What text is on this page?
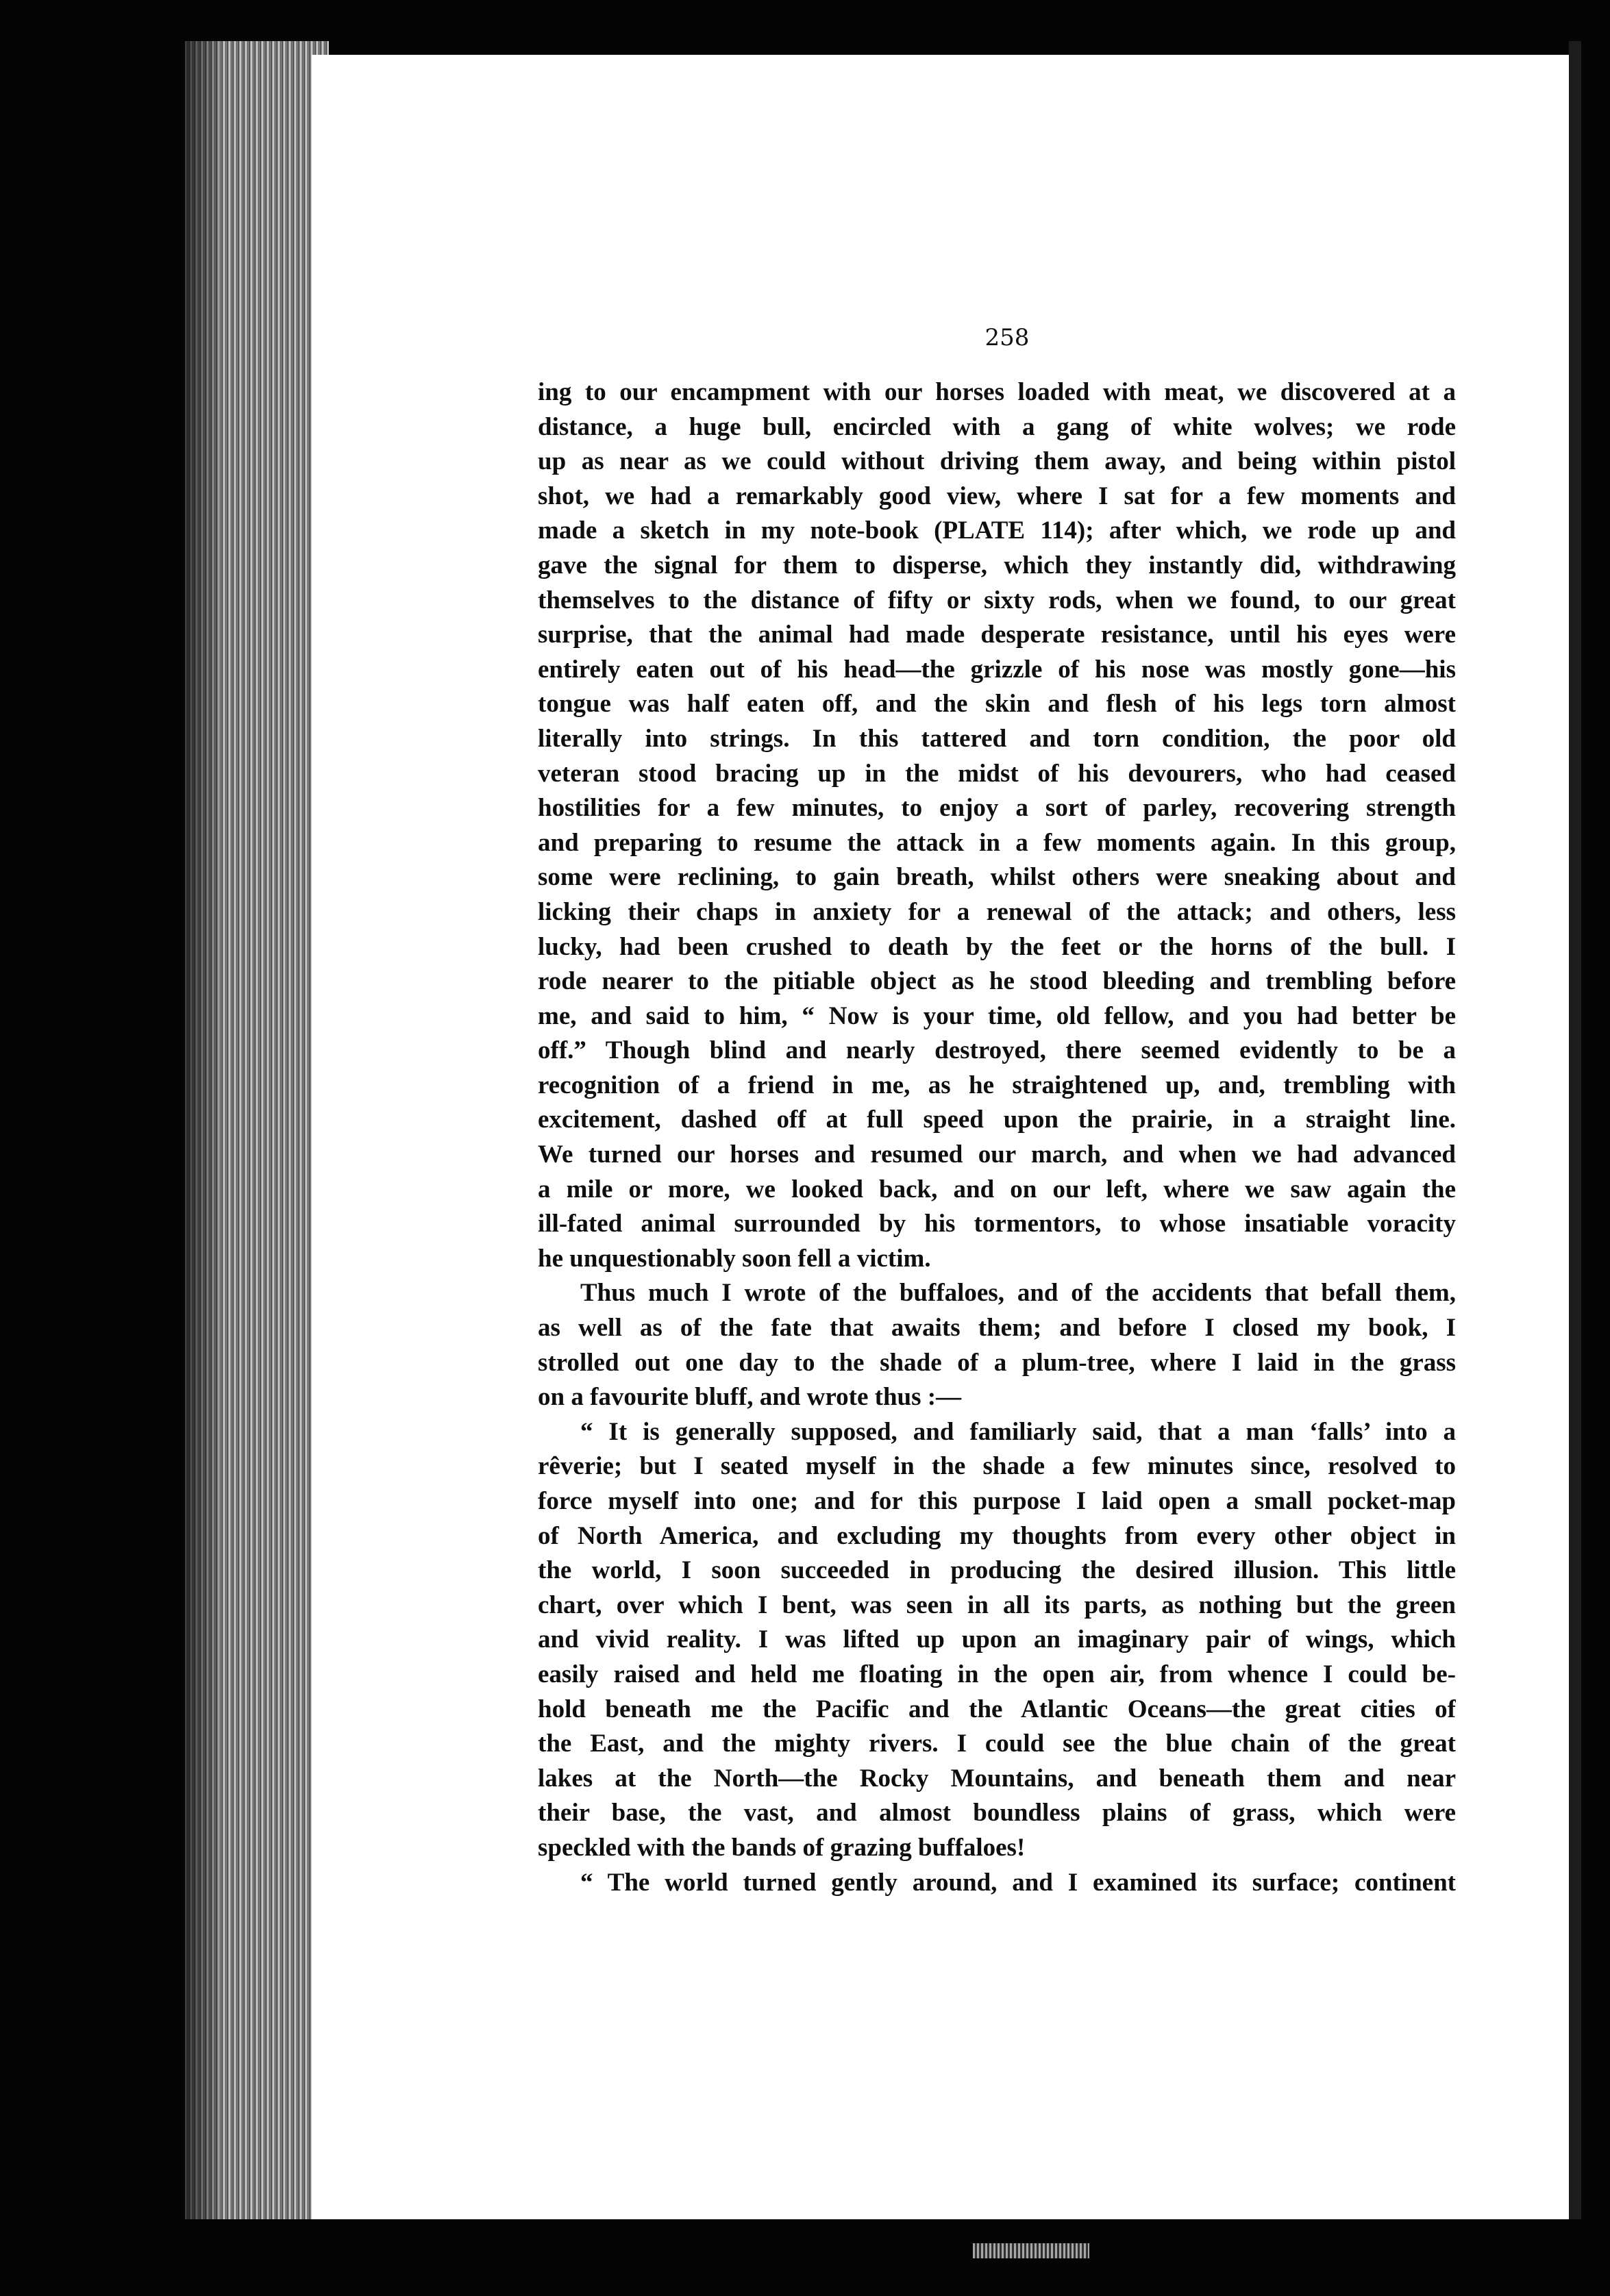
258
ing to our encampment with our horses loaded with meat, we discovered at a
distance, a huge bull, encircled with a gang of white wolves; we rode
up as near as we could without driving them away, and being within pistol
shot, we had a remarkably good view, where I sat for a few moments and
made a sketch in my note-book (PLATE 114); after which, we rode up and
gave the signal for them to disperse, which they instantly did, withdrawing
themselves to the distance of fifty or sixty rods, when we found, to our great
surprise, that the animal had made desperate resistance, until his eyes were
entirely eaten out of his head—the grizzle of his nose was mostly gone—his
tongue was half eaten off, and the skin and flesh of his legs torn almost
literally into strings. In this tattered and torn condition, the poor old
veteran stood bracing up in the midst of his devourers, who had ceased
hostilities for a few minutes, to enjoy a sort of parley, recovering strength
and preparing to resume the attack in a few moments again. In this group,
some were reclining, to gain breath, whilst others were sneaking about and
licking their chaps in anxiety for a renewal of the attack; and others, less
lucky, had been crushed to death by the feet or the horns of the bull. I
rode nearer to the pitiable object as he stood bleeding and trembling before
me, and said to him, “ Now is your time, old fellow, and you had better be
off.” Though blind and nearly destroyed, there seemed evidently to be a
recognition of a friend in me, as he straightened up, and, trembling with
excitement, dashed off at full speed upon the prairie, in a straight line.
We turned our horses and resumed our march, and when we had advanced
a mile or more, we looked back, and on our left, where we saw again the
ill-fated animal surrounded by his tormentors, to whose insatiable voracity
he unquestionably soon fell a victim.
Thus much I wrote of the buffaloes, and of the accidents that befall them,
as well as of the fate that awaits them; and before I closed my book, I
strolled out one day to the shade of a plum-tree, where I laid in the grass
on a favourite bluff, and wrote thus :—
“ It is generally supposed, and familiarly said, that a man ‘falls’ into a
rêverie; but I seated myself in the shade a few minutes since, resolved to
force myself into one; and for this purpose I laid open a small pocket-map
of North America, and excluding my thoughts from every other object in
the world, I soon succeeded in producing the desired illusion. This little
chart, over which I bent, was seen in all its parts, as nothing but the green
and vivid reality. I was lifted up upon an imaginary pair of wings, which
easily raised and held me floating in the open air, from whence I could be-
hold beneath me the Pacific and the Atlantic Oceans—the great cities of
the East, and the mighty rivers. I could see the blue chain of the great
lakes at the North—the Rocky Mountains, and beneath them and near
their base, the vast, and almost boundless plains of grass, which were
speckled with the bands of grazing buffaloes!
“ The world turned gently around, and I examined its surface; continent
